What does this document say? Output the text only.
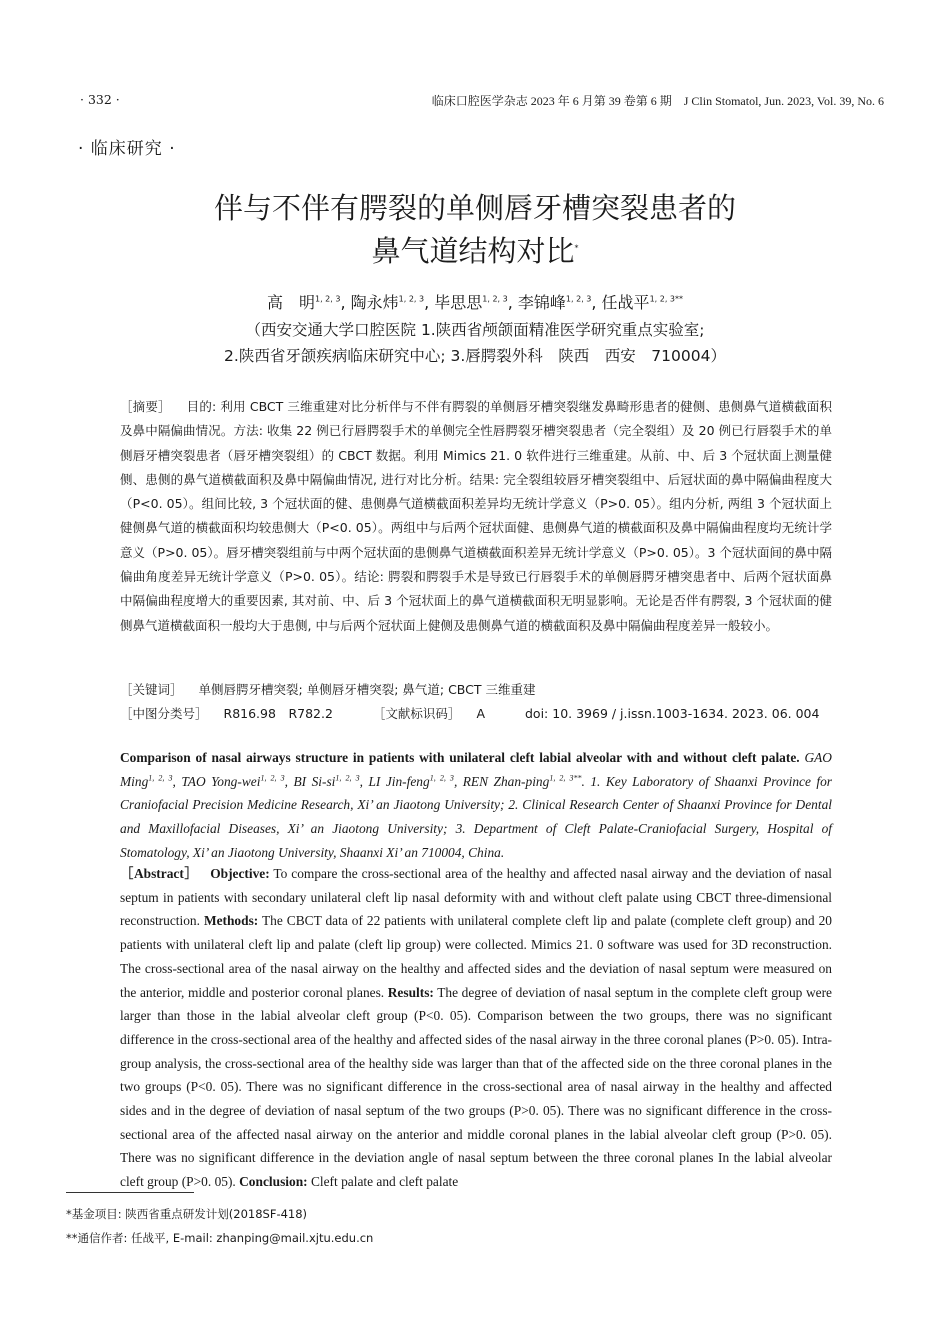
· 332 ·	临床口腔医学杂志 2023 年 6 月第 39 卷第 6 期　J Clin Stomatol, Jun. 2023, Vol. 39, No. 6
· 临床研究 ·
伴与不伴有腭裂的单侧唇牙槽突裂患者的
鼻气道结构对比*
高　明$^{1, 2, 3}$, 陶永炜$^{1, 2, 3}$, 毕思思$^{1, 2, 3}$, 李锦峰$^{1, 2, 3}$, 任战平$^{1, 2, 3**}$
（西安交通大学口腔医院 1.陕西省颅颌面精准医学研究重点实验室;
2.陕西省牙颌疾病临床研究中心; 3.唇腭裂外科　陕西　西安　710004）
［摘要］ 目的: 利用 CBCT 三维重建对比分析伴与不伴有腭裂的单侧唇牙槽突裂继发鼻畸形患者的健侧、患侧鼻气道横截面积及鼻中隔偏曲情况。方法: 收集 22 例已行唇腭裂手术的单侧完全性唇腭裂牙槽突裂患者（完全裂组）及 20 例已行唇裂手术的单侧唇牙槽突裂患者（唇牙槽突裂组）的 CBCT 数据。利用 Mimics 21. 0 软件进行三维重建。从前、中、后 3 个冠状面上测量健侧、患侧的鼻气道横截面积及鼻中隔偏曲情况, 进行对比分析。结果: 完全裂组较唇牙槽突裂组中、后冠状面的鼻中隔偏曲程度大（P<0. 05）。组间比较, 3 个冠状面的健、患侧鼻气道横截面积差异均无统计学意义（P>0. 05）。组内分析, 两组 3 个冠状面上健侧鼻气道的横截面积均较患侧大（P<0. 05）。两组中与后两个冠状面健、患侧鼻气道的横截面积及鼻中隔偏曲程度均无统计学意义（P>0. 05）。唇牙槽突裂组前与中两个冠状面的患侧鼻气道横截面积差异无统计学意义（P>0. 05）。3 个冠状面间的鼻中隔偏曲角度差异无统计学意义（P>0. 05）。结论: 腭裂和腭裂手术是导致已行唇裂手术的单侧唇腭牙槽突患者中、后两个冠状面鼻中隔偏曲程度增大的重要因素, 其对前、中、后 3 个冠状面上的鼻气道横截面积无明显影响。无论是否伴有腭裂, 3 个冠状面的健侧鼻气道横截面积一般均大于患侧, 中与后两个冠状面上健侧及患侧鼻气道的横截面积及鼻中隔偏曲程度差异一般较小。
［关键词］ 单侧唇腭牙槽突裂; 单侧唇牙槽突裂; 鼻气道; CBCT 三维重建
［中图分类号］ R816.98　R782.2	［文献标识码］ A	doi: 10. 3969 / j.issn.1003-1634. 2023. 06. 004
Comparison of nasal airways structure in patients with unilateral cleft labial alveolar with and without cleft palate. GAO Ming$^{1, 2, 3}$, TAO Yong-wei$^{1, 2, 3}$, BI Si-si$^{1, 2, 3}$, LI Jin-feng$^{1, 2, 3}$, REN Zhan-ping$^{1, 2, 3**}$. 1. Key Laboratory of Shaanxi Province for Craniofacial Precision Medicine Research, Xi’ an Jiaotong University; 2. Clinical Research Center of Shaanxi Province for Dental and Maxillofacial Diseases, Xi’ an Jiaotong University; 3. Department of Cleft Palate-Craniofacial Surgery, Hospital of Stomatology, Xi’ an Jiaotong University, Shaanxi Xi’ an 710004, China.
［Abstract］ Objective: To compare the cross-sectional area of the healthy and affected nasal airway and the deviation of nasal septum in patients with secondary unilateral cleft lip nasal deformity with and without cleft palate using CBCT three-dimensional reconstruction. Methods: The CBCT data of 22 patients with unilateral complete cleft lip and palate (complete cleft group) and 20 patients with unilateral cleft lip and palate (cleft lip group) were collected. Mimics 21. 0 software was used for 3D reconstruction. The cross-sectional area of the nasal airway on the healthy and affected sides and the deviation of nasal septum were measured on the anterior, middle and posterior coronal planes. Results: The degree of deviation of nasal septum in the complete cleft group were larger than those in the labial alveolar cleft group (P<0. 05). Comparison between the two groups, there was no significant difference in the cross-sectional area of the healthy and affected sides of the nasal airway in the three coronal planes (P>0. 05). Intra-group analysis, the cross-sectional area of the healthy side was larger than that of the affected side on the three coronal planes in the two groups (P<0. 05). There was no significant difference in the cross-sectional area of nasal airway in the healthy and affected sides and in the degree of deviation of nasal septum of the two groups (P>0. 05). There was no significant difference in the cross-sectional area of the affected nasal airway on the anterior and middle coronal planes in the labial alveolar cleft group (P>0. 05). There was no significant difference in the deviation angle of nasal septum between the three coronal planes In the labial alveolar cleft group (P>0. 05). Conclusion: Cleft palate and cleft palate
*基金项目: 陕西省重点研发计划(2018SF-418)
**通信作者: 任战平, E-mail: zhanping@mail.xjtu.edu.cn
